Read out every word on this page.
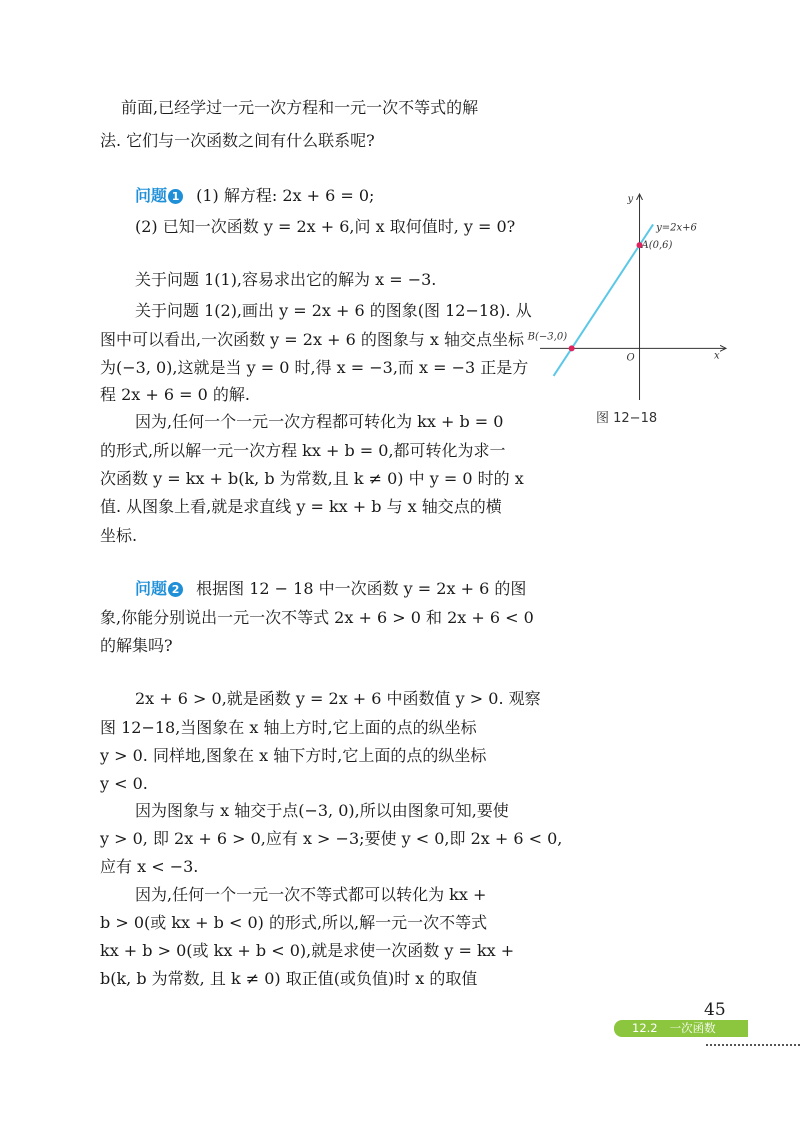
前面,已经学过一元一次方程和一元一次不等式的解
法. 它们与一次函数之间有什么联系呢?
问题 1 (1) 解方程: 2x + 6 = 0;
(2) 已知一次函数 y = 2x + 6,问 x 取何值时, y = 0?
关于问题 1(1),容易求出它的解为 x = −3.
关于问题 1(2),画出 y = 2x + 6 的图象(图 12−18). 从
图中可以看出,一次函数 y = 2x + 6 的图象与 x 轴交点坐标
为(−3, 0),这就是当 y = 0 时,得 x = −3,而 x = −3 正是方
程 2x + 6 = 0 的解.
因为,任何一个一元一次方程都可转化为 kx + b = 0
的形式,所以解一元一次方程 kx + b = 0,都可转化为求一
次函数 y = kx + b(k, b 为常数,且 k ≠ 0) 中 y = 0 时的 x
值. 从图象上看,就是求直线 y = kx + b 与 x 轴交点的横
坐标.
问题 2 根据图 12 − 18 中一次函数 y = 2x + 6 的图
象,你能分别说出一元一次不等式 2x + 6 > 0 和 2x + 6 < 0
的解集吗?
2x + 6 > 0,就是函数 y = 2x + 6 中函数值 y > 0. 观察
图 12−18,当图象在 x 轴上方时,它上面的点的纵坐标
y > 0. 同样地,图象在 x 轴下方时,它上面的点的纵坐标
y < 0.
因为图象与 x 轴交于点(−3, 0),所以由图象可知,要使
y > 0, 即 2x + 6 > 0,应有 x > −3;要使 y < 0,即 2x + 6 < 0,
应有 x < −3.
因为,任何一个一元一次不等式都可以转化为 kx +
b > 0(或 kx + b < 0) 的形式,所以,解一元一次不等式
kx + b > 0(或 kx + b < 0),就是求使一次函数 y = kx +
b(k, b 为常数, 且 k ≠ 0) 取正值(或负值)时 x 的取值
y=2x+6
A(0,6)
B(−3,0)
O	x
y
图 12−18
45
12.2 一次函数
